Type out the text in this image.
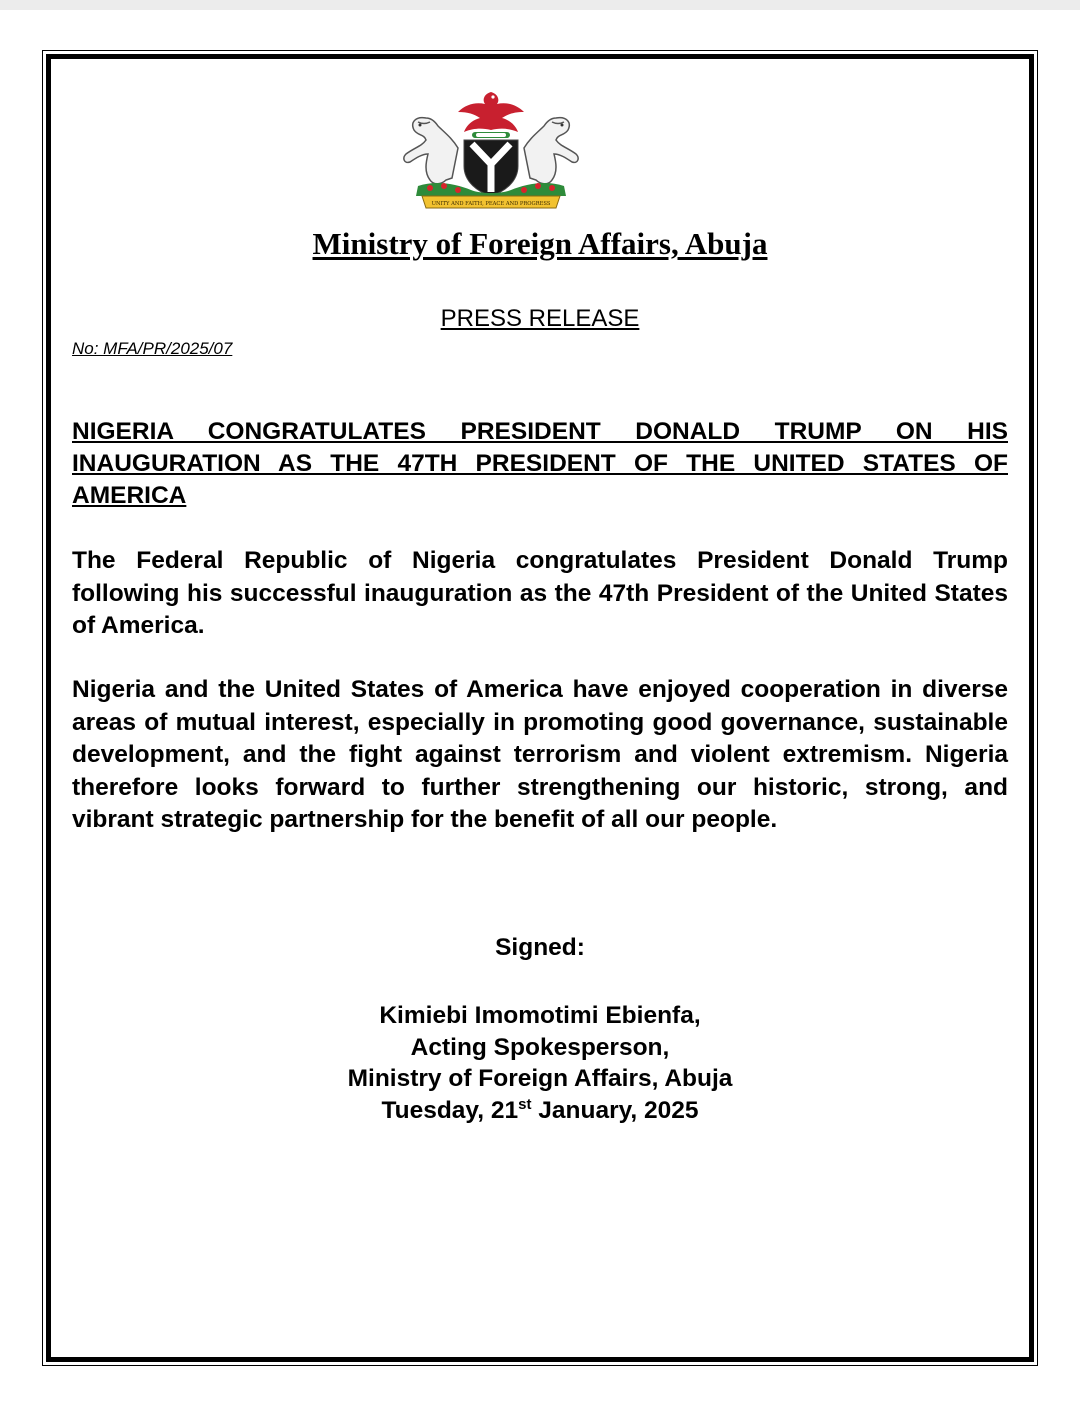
UNITY AND FAITH, PEACE AND PROGRESS
Ministry of Foreign Affairs, Abuja
PRESS RELEASE
No: MFA/PR/2025/07
NIGERIA CONGRATULATES PRESIDENT DONALD TRUMP ON HIS INAUGURATION AS THE 47TH PRESIDENT OF THE UNITED STATES OF AMERICA
The Federal Republic of Nigeria congratulates President Donald Trump following his successful inauguration as the 47th President of the United States of America.
Nigeria and the United States of America have enjoyed cooperation in diverse areas of mutual interest, especially in promoting good governance, sustainable development, and the fight against terrorism and violent extremism. Nigeria therefore looks forward to further strengthening our historic, strong, and vibrant strategic partnership for the benefit of all our people.
Signed:
Kimiebi Imomotimi Ebienfa,
Acting Spokesperson,
Ministry of Foreign Affairs, Abuja
Tuesday, 21st January, 2025
